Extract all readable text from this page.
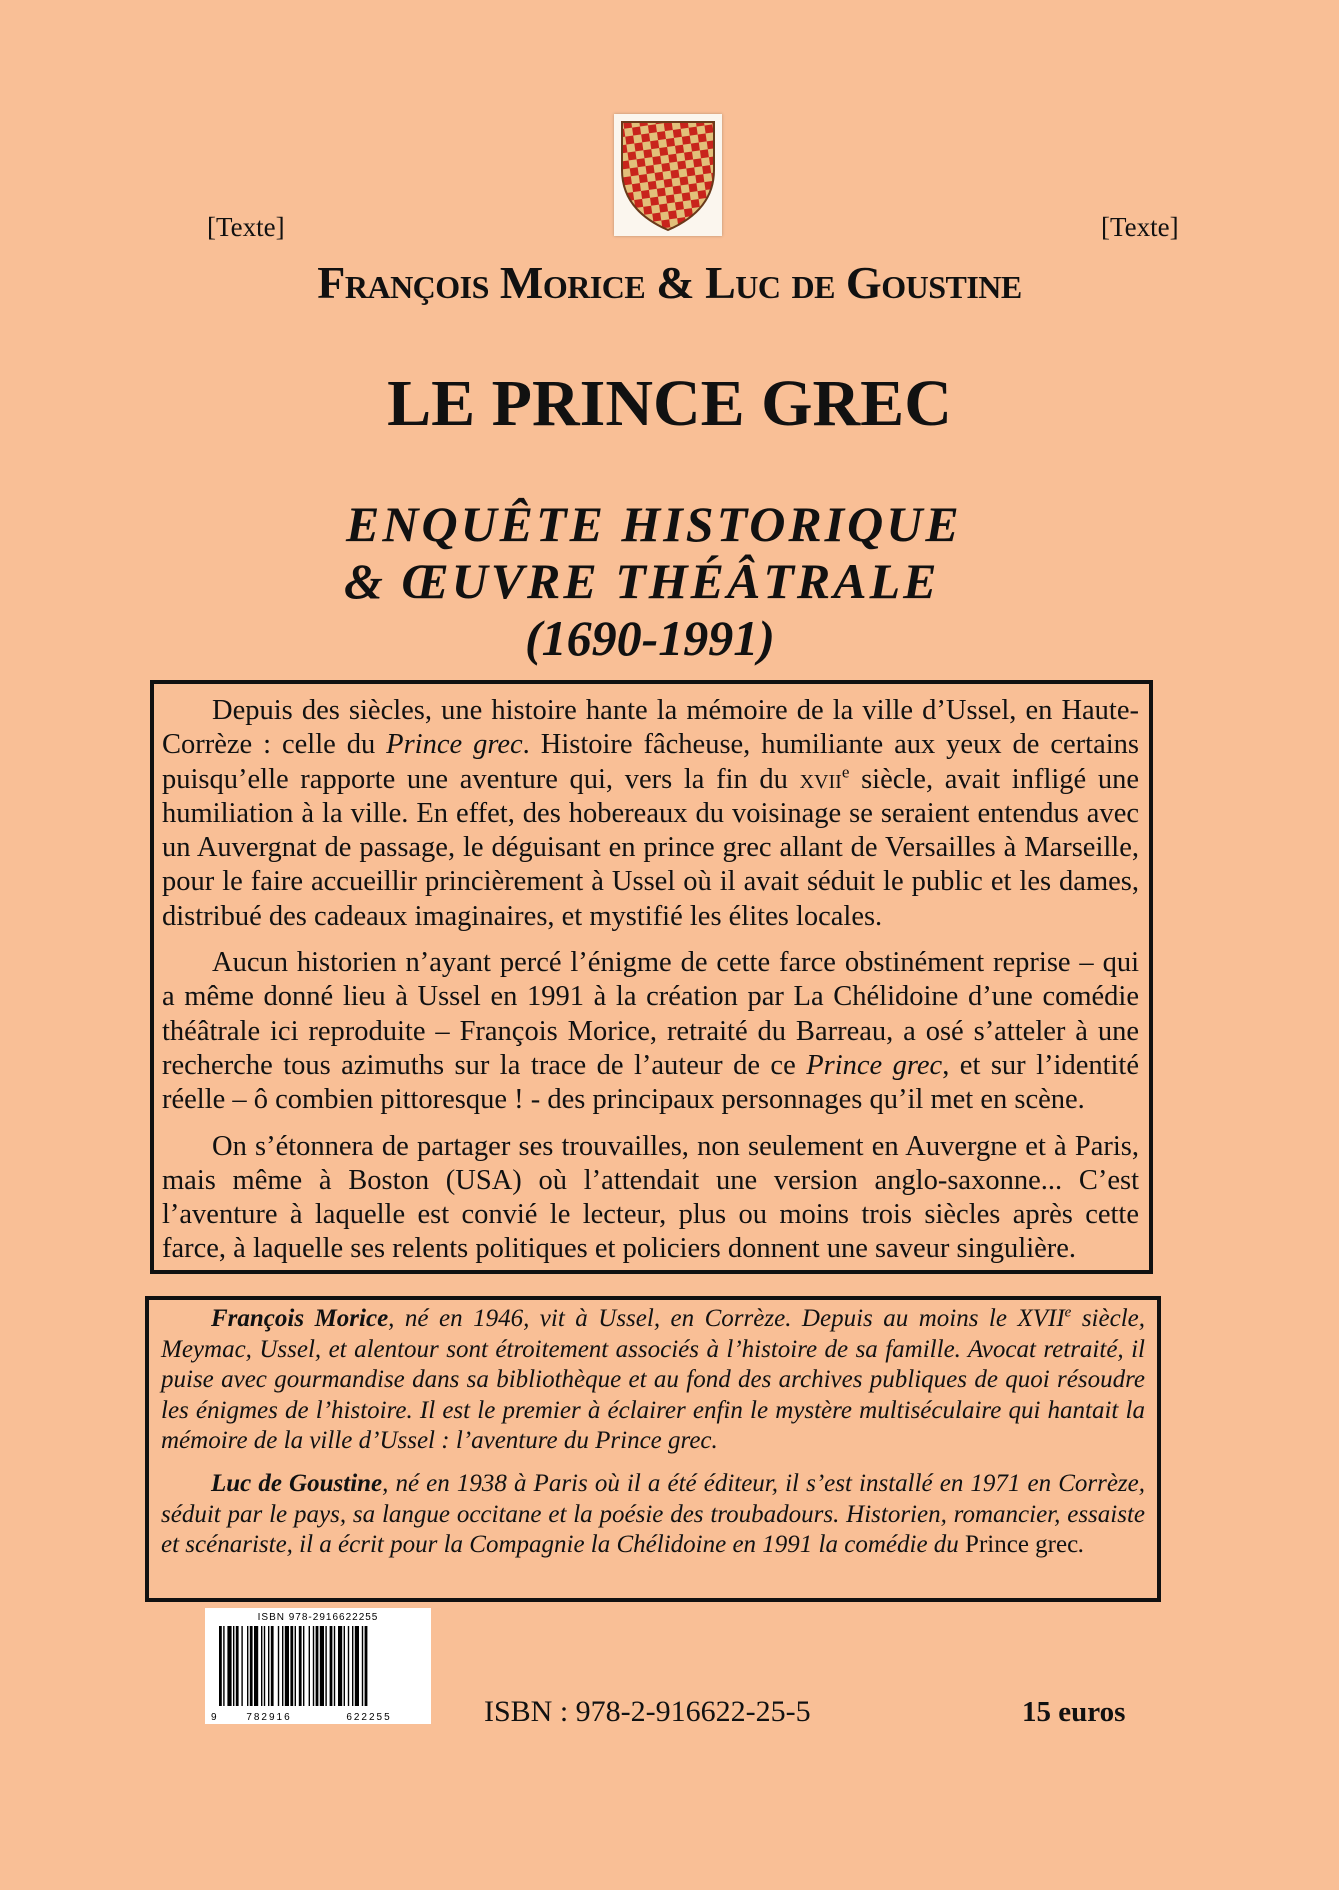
[Texte]	[Texte]
François Morice & Luc de Goustine
LE PRINCE GREC
ENQUÊTE HISTORIQUE
& ŒUVRE THÉÂTRALE
(1690-1991)

Depuis des siècles, une histoire hante la mémoire de la ville d’Ussel, en Haute-Corrèze : celle du Prince grec. Histoire fâcheuse, humiliante aux yeux de certains puisqu’elle rapporte une aventure qui, vers la fin du xvii$^e$ siècle, avait infligé une humiliation à la ville. En effet, des hobereaux du voisinage se seraient entendus avec un Auvergnat de passage, le déguisant en prince grec allant de Versailles à Marseille, pour le faire accueillir princièrement à Ussel où il avait séduit le public et les dames, distribué des cadeaux imaginaires, et mystifié les élites locales.

Aucun historien n’ayant percé l’énigme de cette farce obstinément reprise – qui a même donné lieu à Ussel en 1991 à la création par La Chélidoine d’une comédie théâtrale ici reproduite – François Morice, retraité du Barreau, a osé s’atteler à une recherche tous azimuths sur la trace de l’auteur de ce Prince grec, et sur l’identité réelle – ô combien pittoresque ! - des principaux personnages qu’il met en scène.

On s’étonnera de partager ses trouvailles, non seulement en Auvergne et à Paris, mais même à Boston (USA) où l’attendait une version anglo-saxonne... C’est l’aventure à laquelle est convié le lecteur, plus ou moins trois siècles après cette farce, à laquelle ses relents politiques et policiers donnent une saveur singulière.

François Morice, né en 1946, vit à Ussel, en Corrèze. Depuis au moins le XVIIe siècle, Meymac, Ussel, et alentour sont étroitement associés à l’histoire de sa famille. Avocat retraité, il puise avec gourmandise dans sa bibliothèque et au fond des archives publiques de quoi résoudre les énigmes de l’histoire. Il est le premier à éclairer enfin le mystère multiséculaire qui hantait la mémoire de la ville d’Ussel : l’aventure du Prince grec.

Luc de Goustine, né en 1938 à Paris où il a été éditeur, il s’est installé en 1971 en Corrèze, séduit par le pays, sa langue occitane et la poésie des troubadours. Historien, romancier, essaiste et scénariste, il a écrit pour la Compagnie la Chélidoine en 1991 la comédie du Prince grec.

ISBN 978-2916622255
9	782916	622255	ISBN : 978-2-916622-25-5	15 euros
